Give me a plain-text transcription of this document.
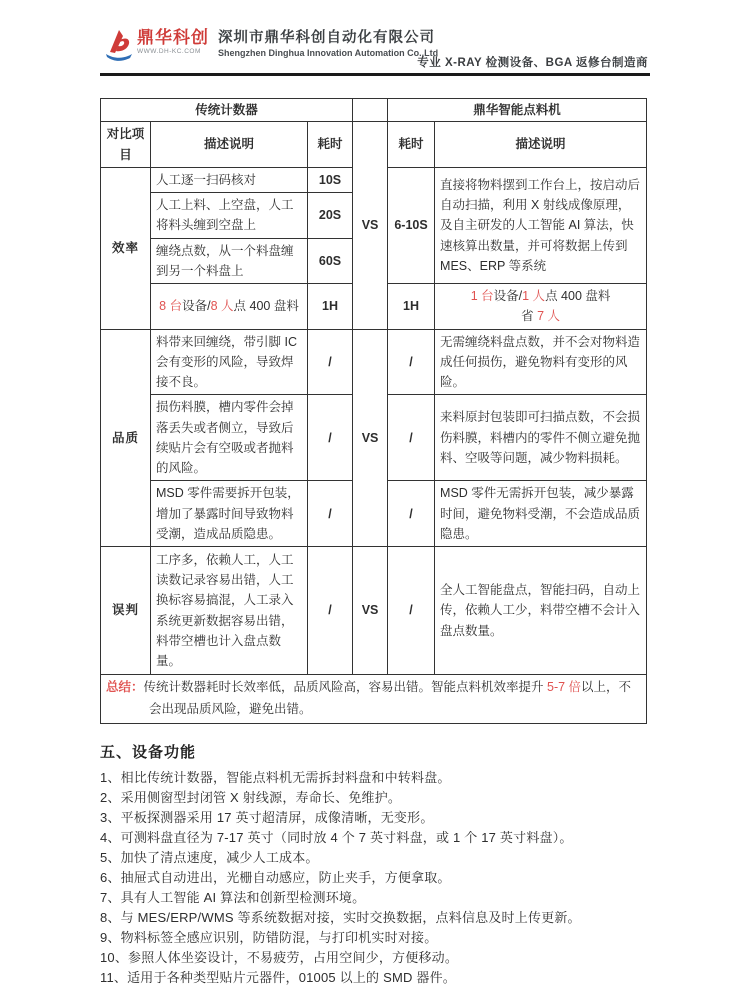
鼎华科创
WWW.DH-KC.COM
深圳市鼎华科创自动化有限公司
Shengzhen Dinghua Innovation Automation Co.,Ltd
专业 X-RAY 检测设备、BGA 返修台制造商
传统计数器				鼎华智能点料机	
对比项目	描述说明	耗时	VS	耗时	描述说明
效率	人工逐一扫码核对	10S		6-10S	直接将物料摆到工作台上，按启动后自动扫描，利用 X 射线成像原理，及自主研发的人工智能 AI 算法，快速核算出数量，并可将数据上传到 MES、ERP 等系统
	人工上料、上空盘，人工将料头缠到空盘上	20S			
	缠绕点数，从一个料盘缠到另一个料盘上	60S			
	8 台设备/8 人点 400 盘料	1H		1H	1 台设备/1 人点 400 盘料
省 7 人

品质	料带来回缠绕，带引脚 IC 会有变形的风险，导致焊接不良。	/	VS	/	无需缠绕料盘点数，并不会对物料造成任何损伤，避免物料有变形的风险。
	损伤料膜，槽内零件会掉落丢失或者侧立，导致后续贴片会有空吸或者抛料的风险。	/		/	来料原封包装即可扫描点数，不会损伤料膜，料槽内的零件不侧立避免抛料、空吸等问题，减少物料损耗。
	MSD 零件需要拆开包装，增加了暴露时间导致物料受潮，造成品质隐患。	/		/	MSD 零件无需拆开包装，减少暴露时间，避免物料受潮，不会造成品质隐患。
误判	工序多，依赖人工，人工读数记录容易出错，人工换标容易搞混，人工录入系统更新数据容易出错，料带空槽也计入盘点数量。	/	VS	/	全人工智能盘点，智能扫码，自动上传，依赖人工少，料带空槽不会计入盘点数量。

总结：传统计数器耗时长效率低，品质风险高，容易出错。智能点料机效率提升 5-7 倍以上，不会出现品质风险，避免出错。					

五、设备功能
1、相比传统计数器，智能点料机无需拆封料盘和中转料盘。
2、采用侧窗型封闭管 X 射线源，寿命长、免维护。
3、平板探测器采用 17 英寸超清屏，成像清晰，无变形。
4、可测料盘直径为 7-17 英寸（同时放 4 个 7 英寸料盘，或 1 个 17 英寸料盘）。
5、加快了清点速度，减少人工成本。
6、抽屉式自动进出，光栅自动感应，防止夹手，方便拿取。
7、具有人工智能 AI 算法和创新型检测环境。
8、与 MES/ERP/WMS 等系统数据对接，实时交换数据，点料信息及时上传更新。
9、物料标签全感应识别，防错防混，与打印机实时对接。
10、参照人体坐姿设计，不易疲劳，占用空间少，方便移动。
11、适用于各种类型贴片元器件，01005 以上的 SMD 器件。
